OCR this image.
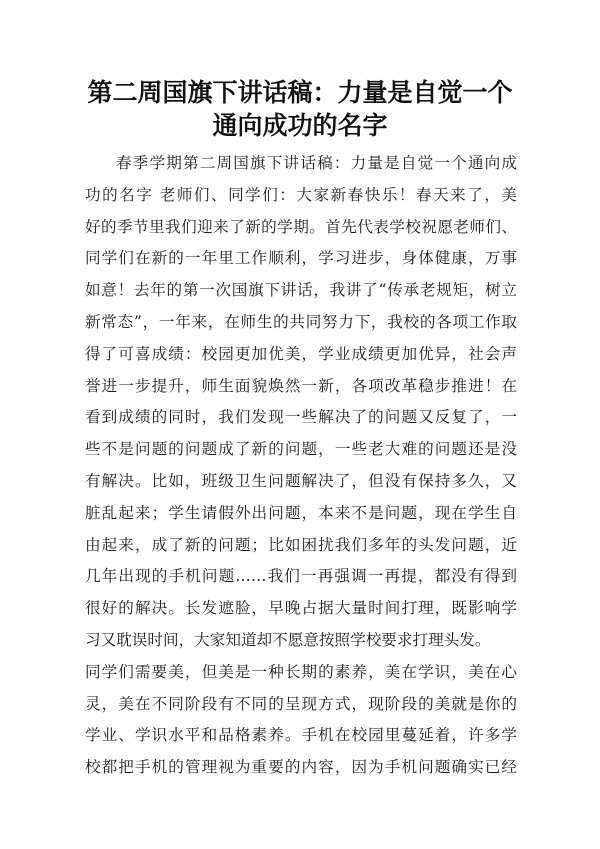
第二周国旗下讲话稿：力量是自觉一个
通向成功的名字
春季学期第二周国旗下讲话稿：力量是自觉一个通向成
功的名字 老师们、同学们：大家新春快乐！春天来了，美
好的季节里我们迎来了新的学期。首先代表学校祝愿老师们、
同学们在新的一年里工作顺利，学习进步，身体健康，万事
如意！去年的第一次国旗下讲话，我讲了“传承老规矩，树立
新常态”，一年来，在师生的共同努力下，我校的各项工作取
得了可喜成绩：校园更加优美，学业成绩更加优异，社会声
誉进一步提升，师生面貌焕然一新，各项改革稳步推进！在
看到成绩的同时，我们发现一些解决了的问题又反复了，一
些不是问题的问题成了新的问题，一些老大难的问题还是没
有解决。比如，班级卫生问题解决了，但没有保持多久，又
脏乱起来；学生请假外出问题，本来不是问题，现在学生自
由起来，成了新的问题；比如困扰我们多年的头发问题，近
几年出现的手机问题……我们一再强调一再提，都没有得到
很好的解决。长发遮脸，早晚占据大量时间打理，既影响学
习又耽误时间，大家知道却不愿意按照学校要求打理头发。
同学们需要美，但美是一种长期的素养，美在学识，美在心
灵，美在不同阶段有不同的呈现方式，现阶段的美就是你的
学业、学识水平和品格素养。手机在校园里蔓延着，许多学
校都把手机的管理视为重要的内容，因为手机问题确实已经
